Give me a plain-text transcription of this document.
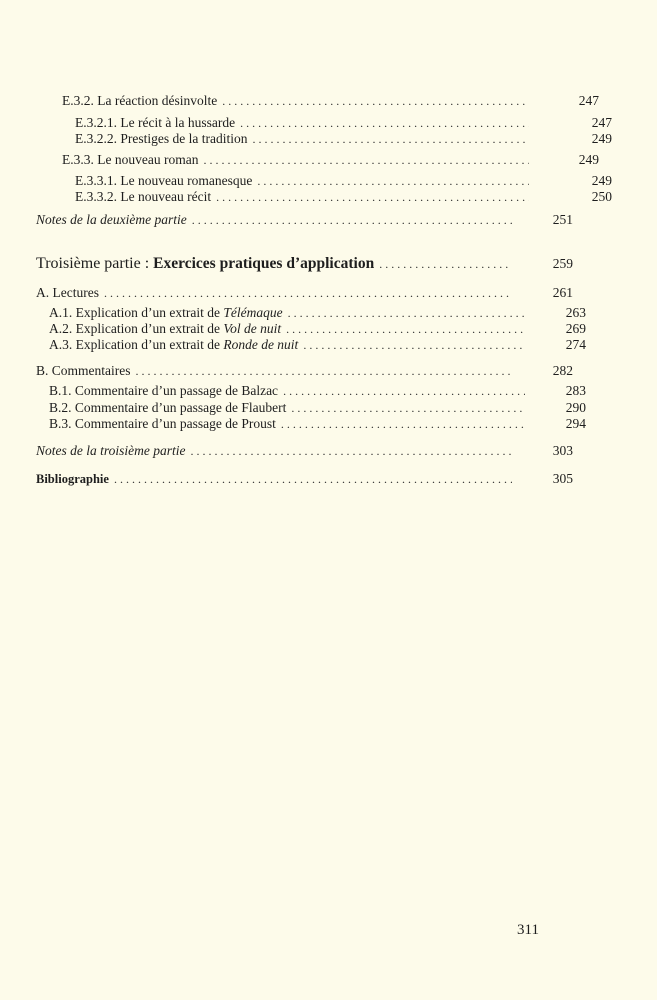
E.3.2. La réaction désinvolte . . .	247
E.3.2.1. Le récit à la hussarde . . .	247
E.3.2.2. Prestiges de la tradition . . .	249
E.3.3. Le nouveau roman . . .	249
E.3.3.1. Le nouveau romanesque . . .	249
E.3.3.2. Le nouveau récit . . .	250
Notes de la deuxième partie . . .	251
Troisième partie : Exercices pratiques d’application . . .	259
A. Lectures . . .	261
A.1. Explication d’un extrait de Télémaque . . .	263
A.2. Explication d’un extrait de Vol de nuit . . .	269
A.3. Explication d’un extrait de Ronde de nuit . . .	274
B. Commentaires . . .	282
B.1. Commentaire d’un passage de Balzac . . .	283
B.2. Commentaire d’un passage de Flaubert . . .	290
B.3. Commentaire d’un passage de Proust . . .	294
Notes de la troisième partie . . .	303
Bibliographie . . .	305
311
